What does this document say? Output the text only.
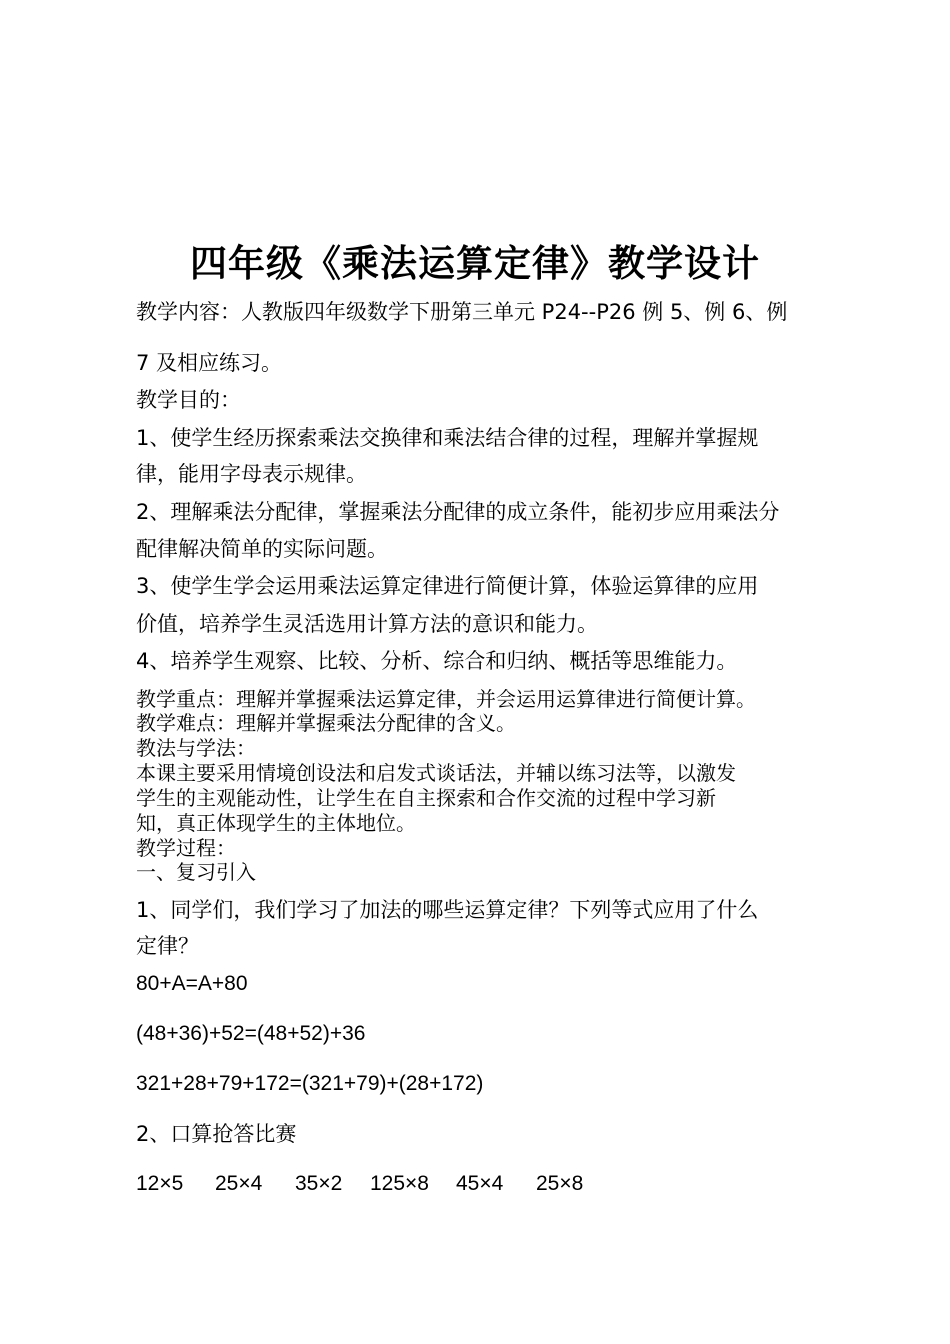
四年级《乘法运算定律》教学设计
教学内容：人教版四年级数学下册第三单元 P24--P26 例 5、例 6、例
7 及相应练习。
教学目的：
1、使学生经历探索乘法交换律和乘法结合律的过程，理解并掌握规
律，能用字母表示规律。
2、理解乘法分配律，掌握乘法分配律的成立条件，能初步应用乘法分
配律解决简单的实际问题。
3、使学生学会运用乘法运算定律进行简便计算，体验运算律的应用
价值，培养学生灵活选用计算方法的意识和能力。
4、培养学生观察、比较、分析、综合和归纳、概括等思维能力。
教学重点：理解并掌握乘法运算定律，并会运用运算律进行简便计算。
教学难点：理解并掌握乘法分配律的含义。
教法与学法：
本课主要采用情境创设法和启发式谈话法，并辅以练习法等，以激发
学生的主观能动性，让学生在自主探索和合作交流的过程中学习新
知，真正体现学生的主体地位。
教学过程：
一、复习引入
1、同学们，我们学习了加法的哪些运算定律？下列等式应用了什么
定律？
80+A=A+80
(48+36)+52=(48+52)+36
321+28+79+172=(321+79)+(28+172)
2、口算抢答比赛
12×5 25×4 35×2 125×8 45×4 25×8
